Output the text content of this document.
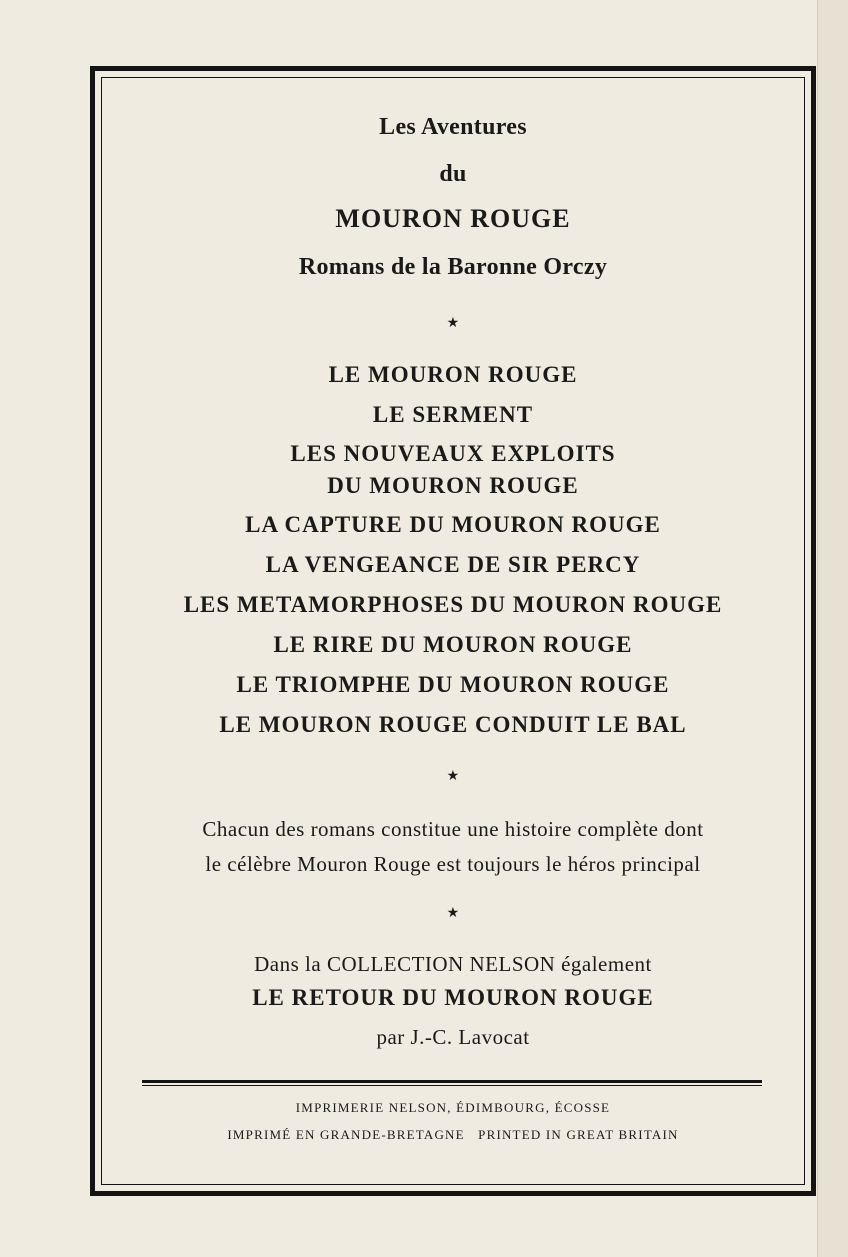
Les Aventures
du
MOURON ROUGE
Romans de la Baronne Orczy
★
LE MOURON ROUGE
LE SERMENT
LES NOUVEAUX EXPLOITS
DU MOURON ROUGE
LA CAPTURE DU MOURON ROUGE
LA VENGEANCE DE SIR PERCY
LES METAMORPHOSES DU MOURON ROUGE
LE RIRE DU MOURON ROUGE
LE TRIOMPHE DU MOURON ROUGE
LE MOURON ROUGE CONDUIT LE BAL
★
Chacun des romans constitue une histoire complète dont
le célèbre Mouron Rouge est toujours le héros principal
★
Dans la COLLECTION NELSON également
LE RETOUR DU MOURON ROUGE
par J.-C. Lavocat
IMPRIMERIE NELSON, ÉDIMBOURG, ÉCOSSE
IMPRIMÉ EN GRANDE-BRETAGNE   PRINTED IN GREAT BRITAIN
